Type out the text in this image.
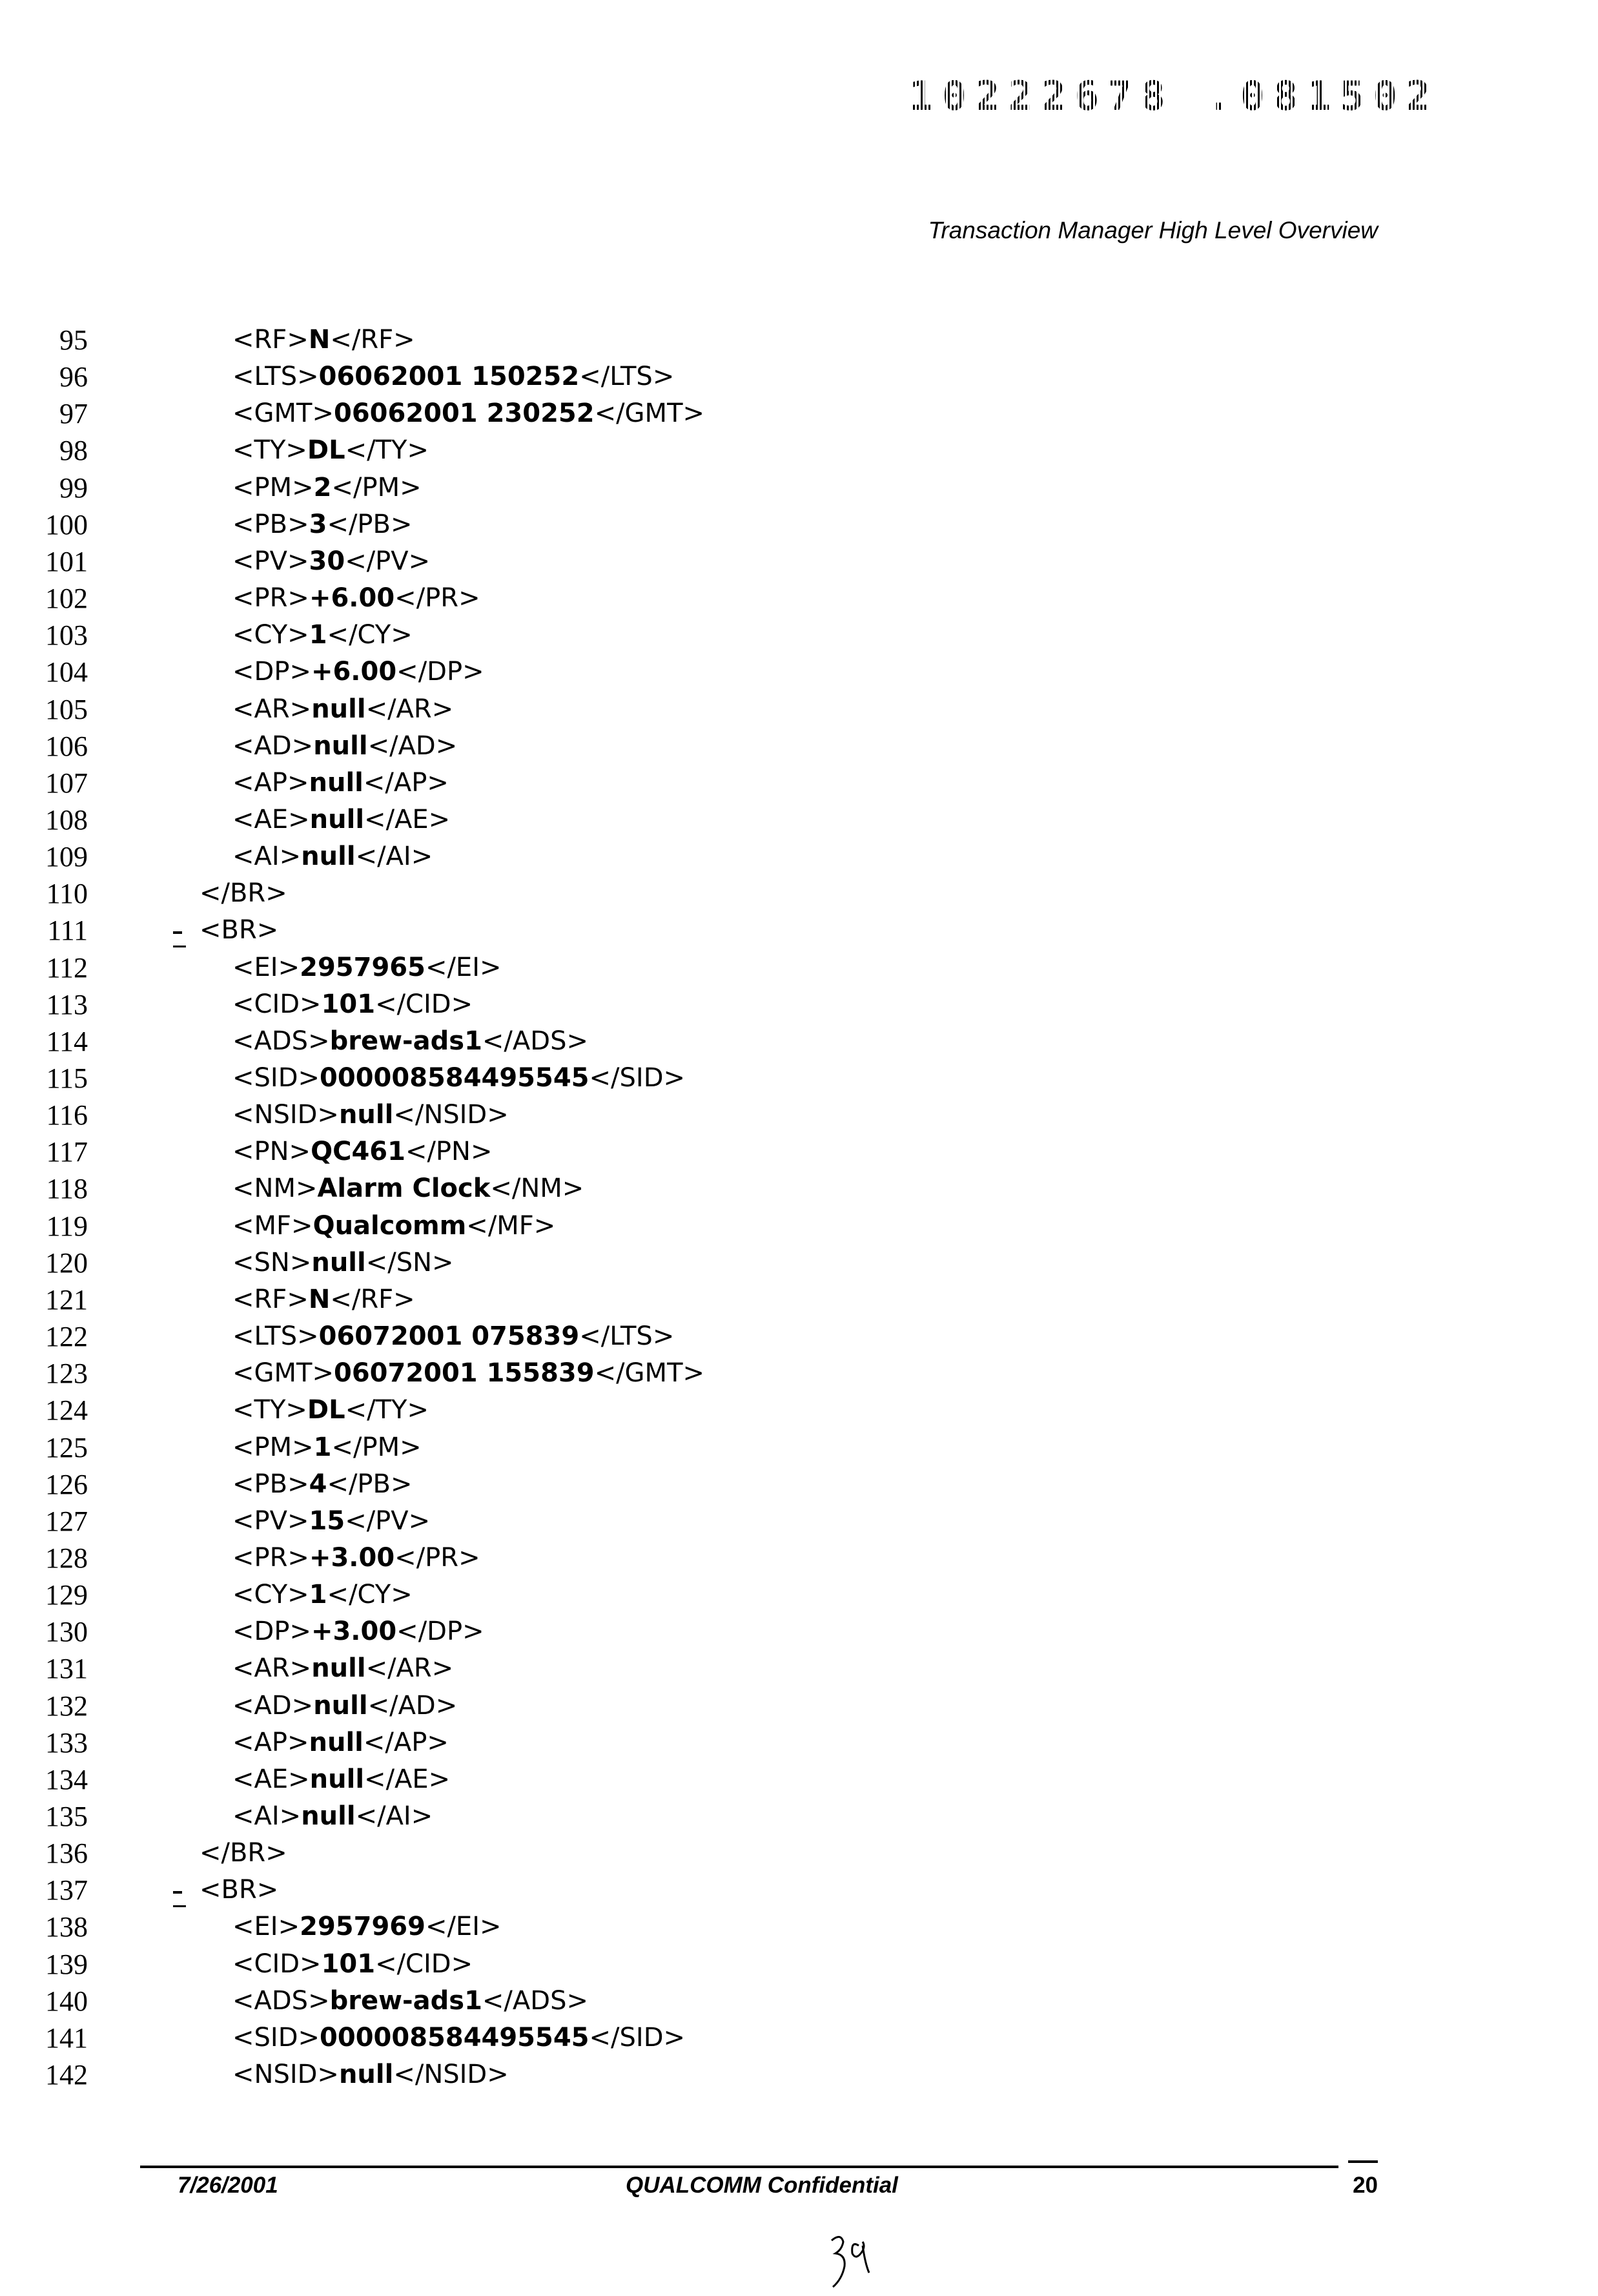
10222678 .081502
Transaction Manager High Level Overview
95	<RF>N</RF>
96	<LTS>06062001 150252</LTS>
97	<GMT>06062001 230252</GMT>
98	<TY>DL</TY>
99	<PM>2</PM>
100	<PB>3</PB>
101	<PV>30</PV>
102	<PR>+6.00</PR>
103	<CY>1</CY>
104	<DP>+6.00</DP>
105	<AR>null</AR>
106	<AD>null</AD>
107	<AP>null</AP>
108	<AE>null</AE>
109	<AI>null</AI>
110	</BR>
111	<BR>
112	<EI>2957965</EI>
113	<CID>101</CID>
114	<ADS>brew-ads1</ADS>
115	<SID>000008584495545</SID>
116	<NSID>null</NSID>
117	<PN>QC461</PN>
118	<NM>Alarm Clock</NM>
119	<MF>Qualcomm</MF>
120	<SN>null</SN>
121	<RF>N</RF>
122	<LTS>06072001 075839</LTS>
123	<GMT>06072001 155839</GMT>
124	<TY>DL</TY>
125	<PM>1</PM>
126	<PB>4</PB>
127	<PV>15</PV>
128	<PR>+3.00</PR>
129	<CY>1</CY>
130	<DP>+3.00</DP>
131	<AR>null</AR>
132	<AD>null</AD>
133	<AP>null</AP>
134	<AE>null</AE>
135	<AI>null</AI>
136	</BR>
137	<BR>
138	<EI>2957969</EI>
139	<CID>101</CID>
140	<ADS>brew-ads1</ADS>
141	<SID>000008584495545</SID>
142	<NSID>null</NSID>
7/26/2001	QUALCOMM Confidential	20
